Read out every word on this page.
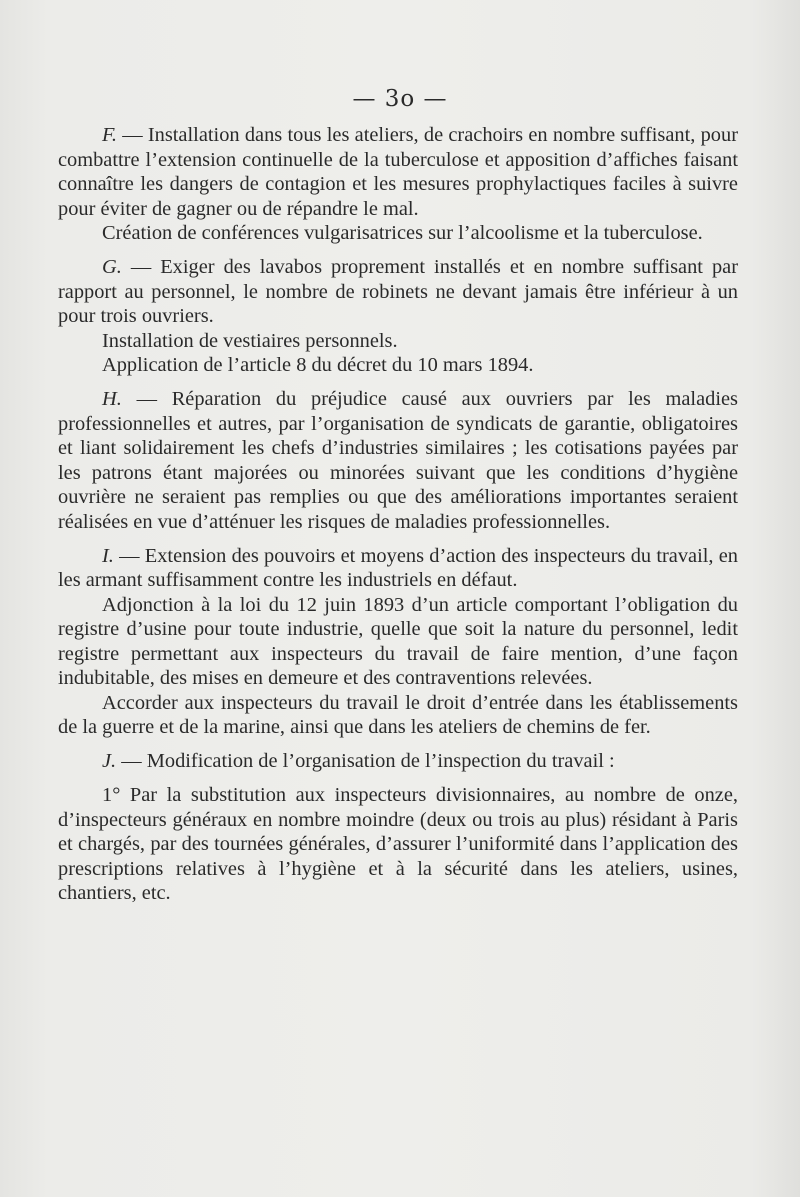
— 3o —

F. — Installation dans tous les ateliers, de crachoirs en nombre suffisant, pour combattre l’extension continuelle de la tuberculose et apposition d’affiches faisant connaître les dangers de contagion et les mesures prophylactiques faciles à suivre pour éviter de gagner ou de répandre le mal.

Création de conférences vulgarisatrices sur l’alcoolisme et la tuberculose.

G. — Exiger des lavabos proprement installés et en nombre suffisant par rapport au personnel, le nombre de robinets ne devant jamais être inférieur à un pour trois ouvriers.

Installation de vestiaires personnels.

Application de l’article 8 du décret du 10 mars 1894.

H. — Réparation du préjudice causé aux ouvriers par les maladies professionnelles et autres, par l’organisation de syndicats de garantie, obligatoires et liant solidairement les chefs d’industries similaires ; les cotisations payées par les patrons étant majorées ou minorées suivant que les conditions d’hygiène ouvrière ne seraient pas remplies ou que des améliorations importantes seraient réalisées en vue d’atténuer les risques de maladies professionnelles.

I. — Extension des pouvoirs et moyens d’action des inspecteurs du travail, en les armant suffisamment contre les industriels en défaut.

Adjonction à la loi du 12 juin 1893 d’un article comportant l’obligation du registre d’usine pour toute industrie, quelle que soit la nature du personnel, ledit registre permettant aux inspecteurs du travail de faire mention, d’une façon indubitable, des mises en demeure et des contraventions relevées.

Accorder aux inspecteurs du travail le droit d’entrée dans les établissements de la guerre et de la marine, ainsi que dans les ateliers de chemins de fer.

J. — Modification de l’organisation de l’inspection du travail :

1° Par la substitution aux inspecteurs divisionnaires, au nombre de onze, d’inspecteurs généraux en nombre moindre (deux ou trois au plus) résidant à Paris et chargés, par des tournées générales, d’assurer l’uniformité dans l’application des prescriptions relatives à l’hygiène et à la sécurité dans les ateliers, usines, chantiers, etc.
